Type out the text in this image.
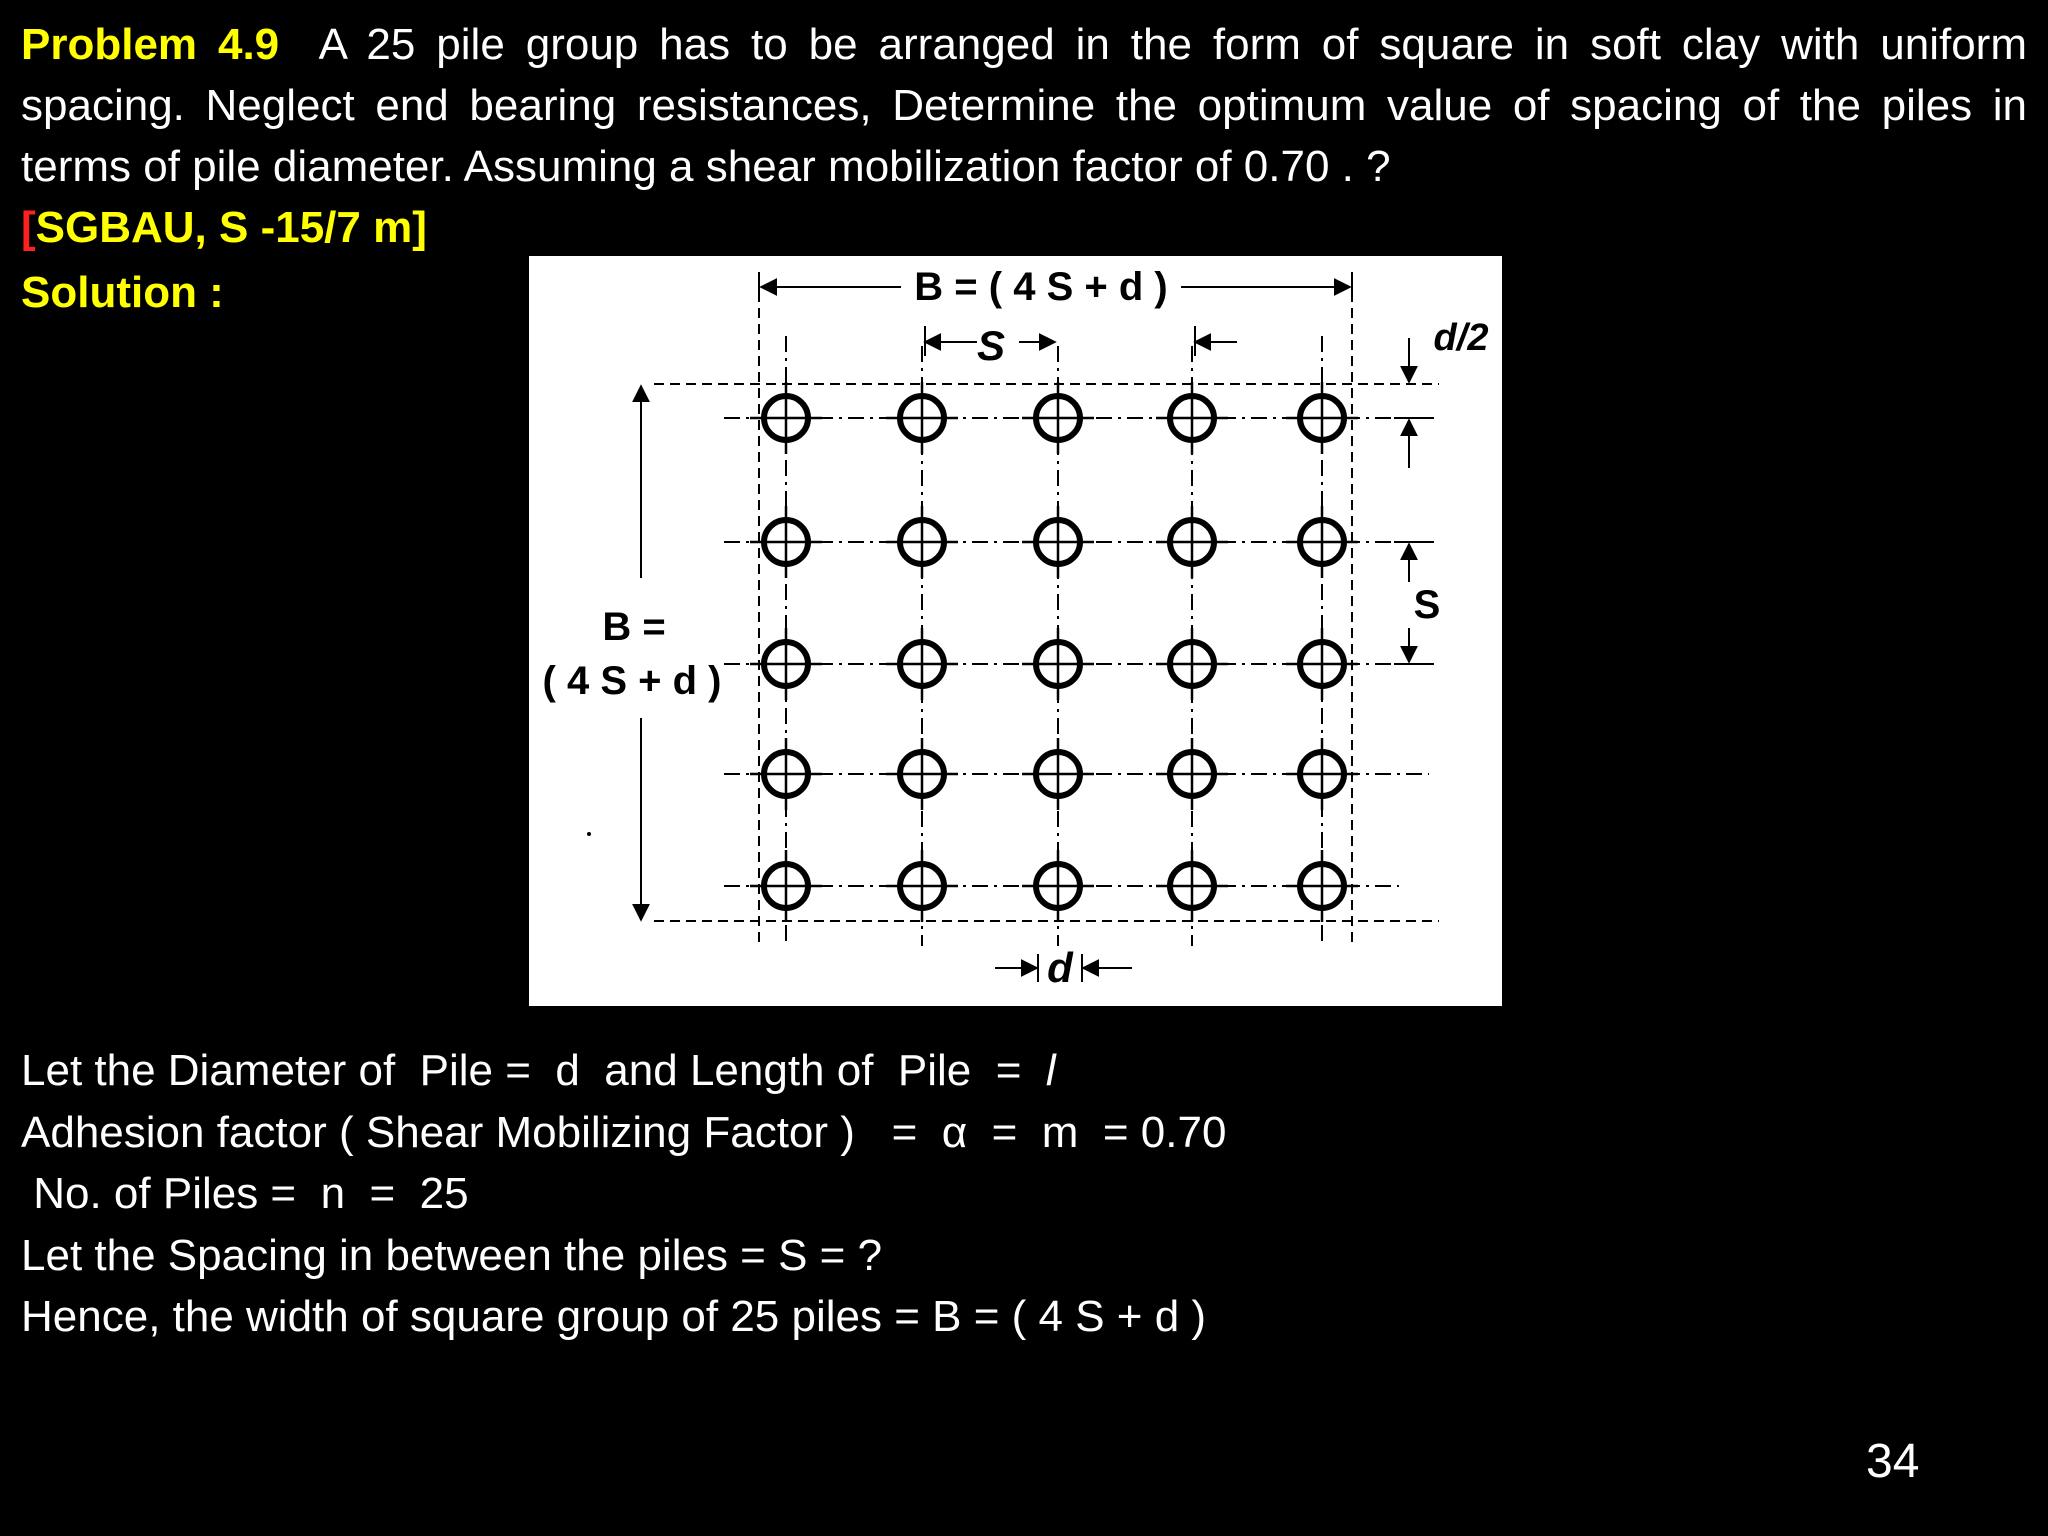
Problem 4.9 A 25 pile group has to be arranged in the form of square in soft clay with uniform spacing. Neglect end bearing resistances, Determine the optimum value of spacing of the piles in terms of pile diameter. Assuming a shear mobilization factor of 0.70 . ?
[SGBAU, S -15/7 m]
Solution :	B = ( 4 S + d )
S
B =
( 4 S + d )
d/2
S
d
Let the Diameter of  Pile =  d  and Length of  Pile  =  l
Adhesion factor ( Shear Mobilizing Factor )   =  α  =  m  = 0.70
No. of Piles =  n  =  25
Let the Spacing in between the piles = S = ?
Hence, the width of square group of 25 piles = B = ( 4 S + d )
34
